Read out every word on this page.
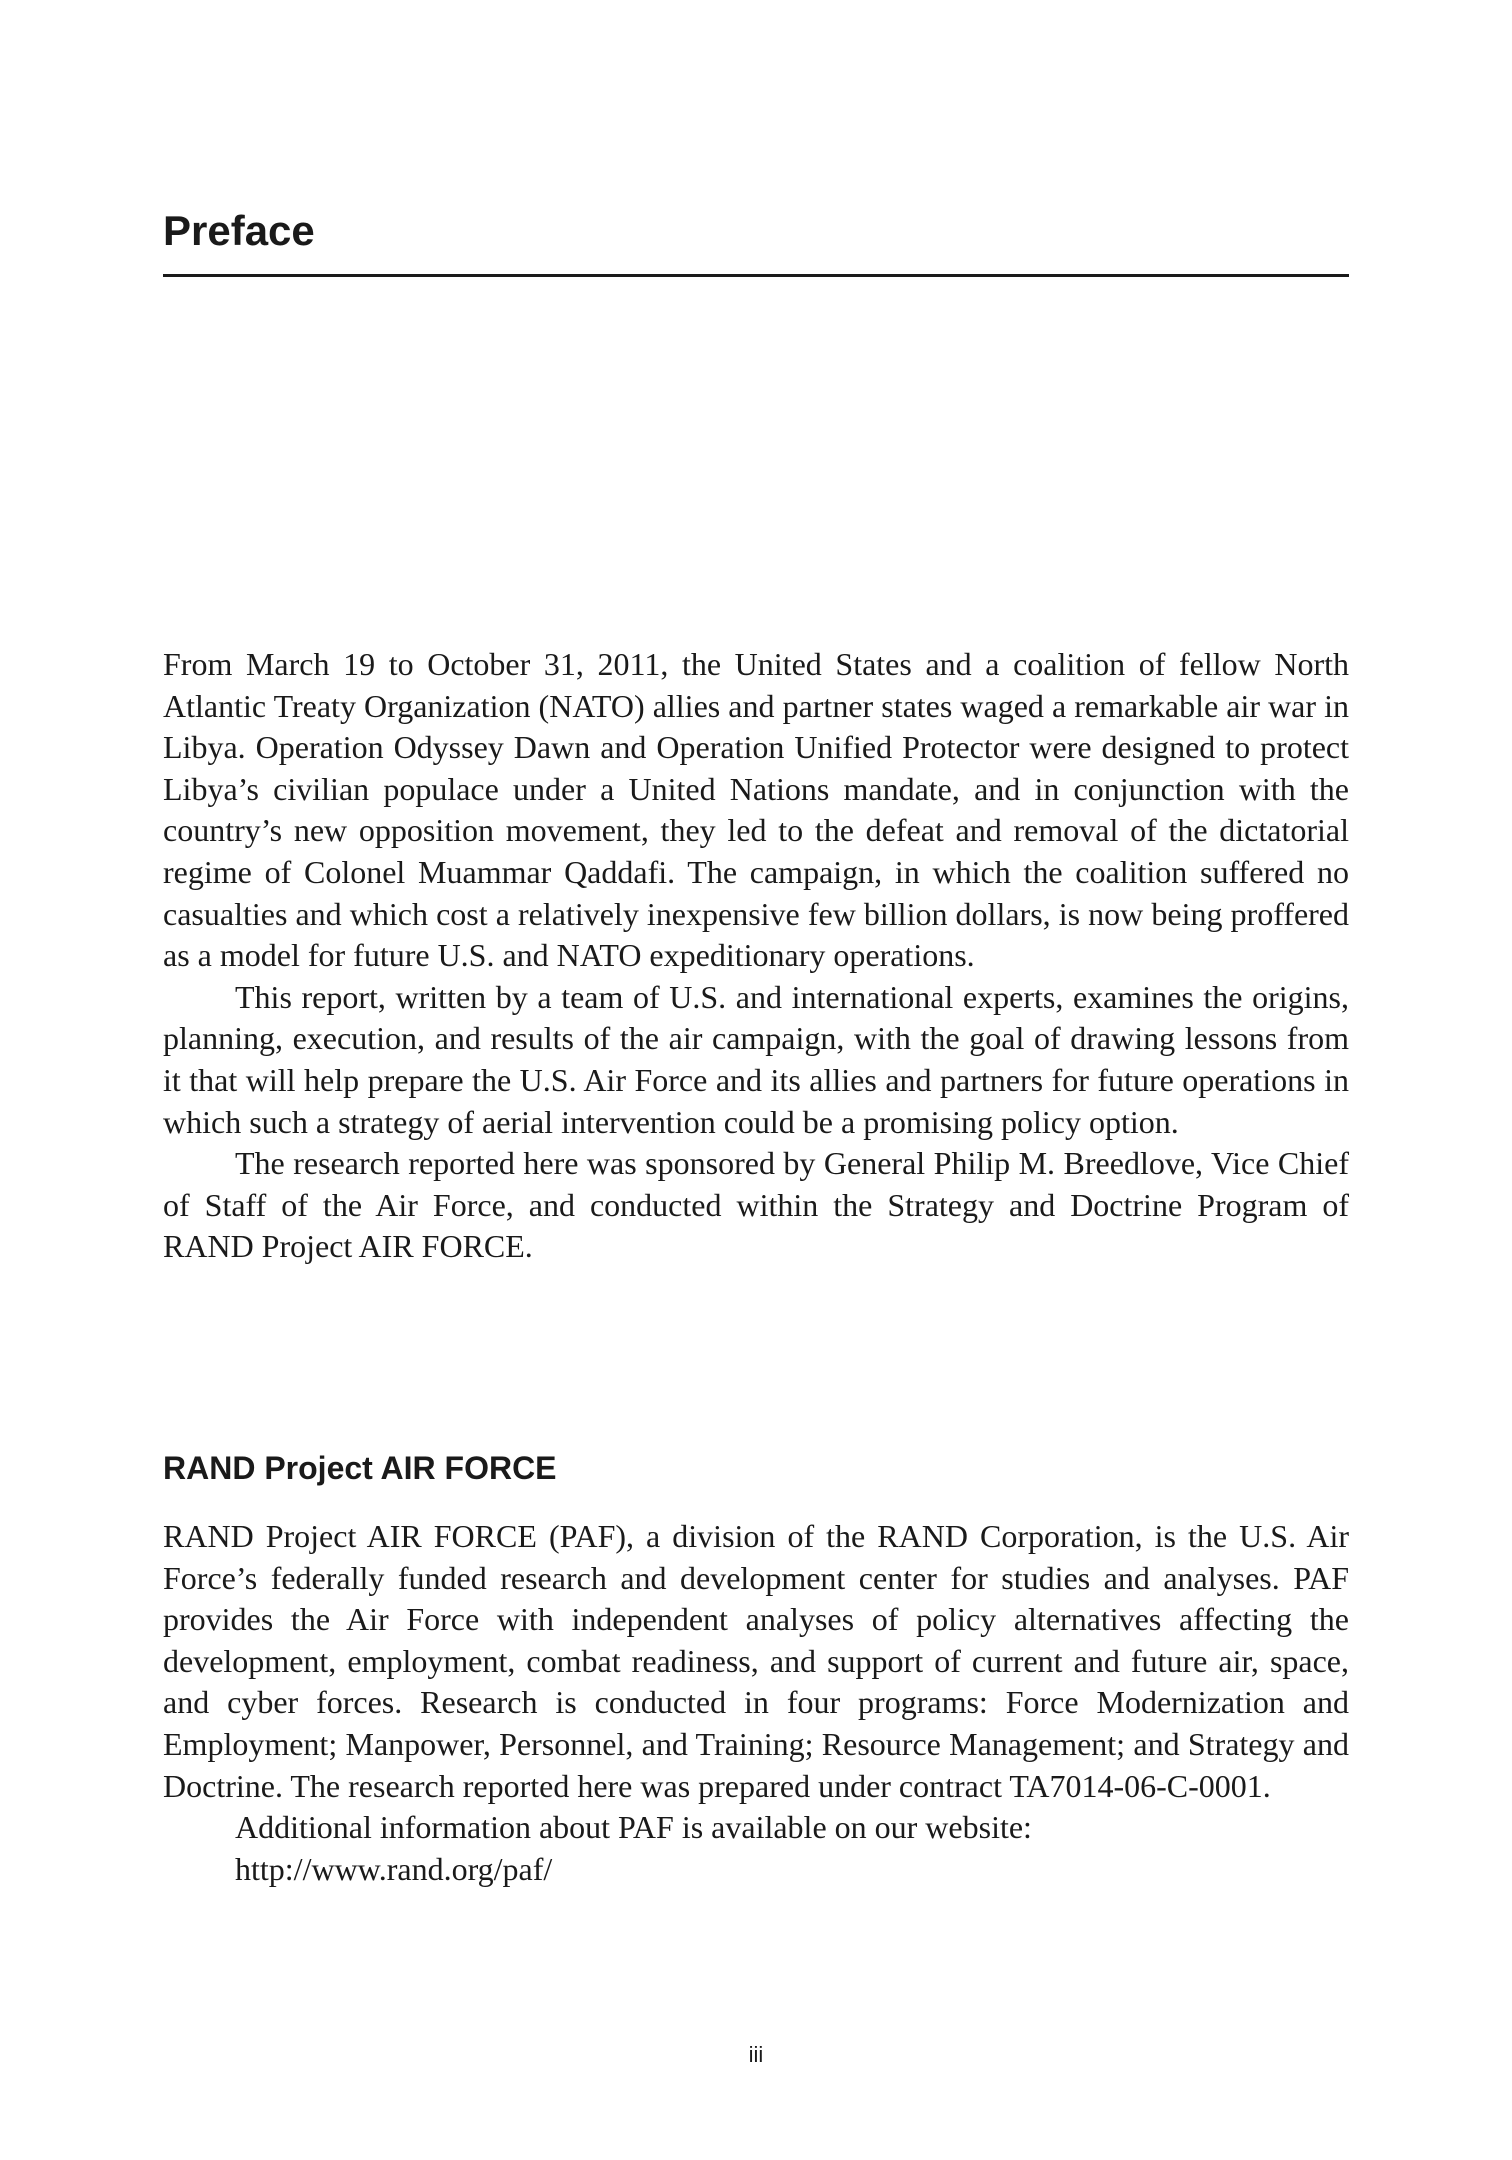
Preface

From March 19 to October 31, 2011, the United States and a coalition of fellow North Atlantic Treaty Organization (NATO) allies and partner states waged a remarkable air war in Libya. Operation Odyssey Dawn and Operation Unified Protector were designed to protect Libya’s civilian populace under a United Nations mandate, and in conjunction with the country’s new opposition movement, they led to the defeat and removal of the dictatorial regime of Colonel Muammar Qaddafi. The campaign, in which the coalition suffered no casualties and which cost a relatively inexpensive few billion dollars, is now being proffered as a model for future U.S. and NATO expeditionary operations.

This report, written by a team of U.S. and international experts, examines the origins, planning, execution, and results of the air campaign, with the goal of drawing lessons from it that will help prepare the U.S. Air Force and its allies and partners for future operations in which such a strategy of aerial intervention could be a promising policy option.

The research reported here was sponsored by General Philip M. Breedlove, Vice Chief of Staff of the Air Force, and conducted within the Strategy and Doctrine Program of RAND Project AIR FORCE.

RAND Project AIR FORCE

RAND Project AIR FORCE (PAF), a division of the RAND Corporation, is the U.S. Air Force’s federally funded research and development center for studies and analyses. PAF provides the Air Force with independent analyses of policy alternatives affecting the development, employment, combat readiness, and support of current and future air, space, and cyber forces. Research is conducted in four programs: Force Modernization and Employment; Manpower, Personnel, and Training; Resource Management; and Strategy and Doctrine. The research reported here was prepared under contract TA7014-06-C-0001.

Additional information about PAF is available on our website:

http://www.rand.org/paf/
iii
